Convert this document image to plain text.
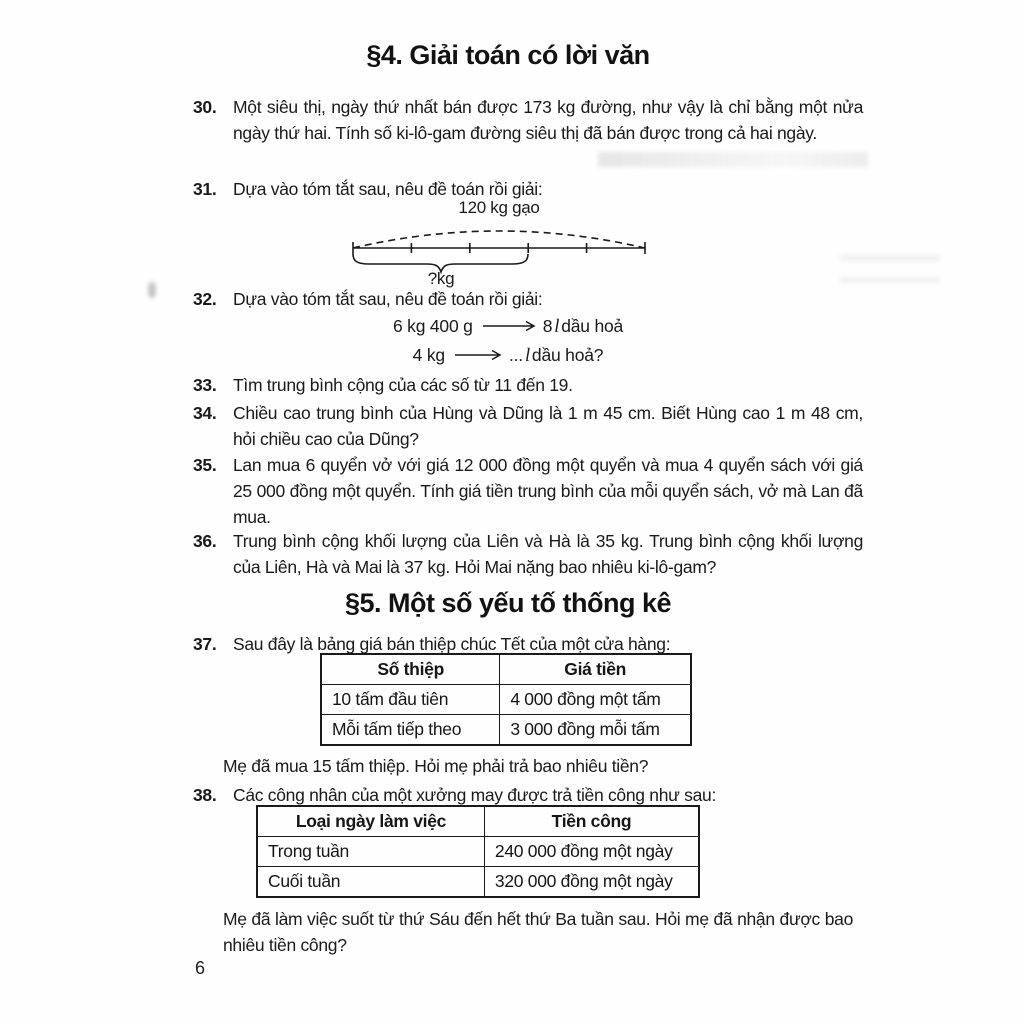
§4. Giải toán có lời văn
30. Một siêu thị, ngày thứ nhất bán được 173 kg đường, như vậy là chỉ bằng một nửa ngày thứ hai. Tính số ki-lô-gam đường siêu thị đã bán được trong cả hai ngày.
31. Dựa vào tóm tắt sau, nêu đề toán rồi giải:
120 kg gạo
?kg
32. Dựa vào tóm tắt sau, nêu đề toán rồi giải:
6 kg 400 g	8 l dầu hoả
4 kg	... l dầu hoả?
33. Tìm trung bình cộng của các số từ 11 đến 19.
34. Chiều cao trung bình của Hùng và Dũng là 1 m 45 cm. Biết Hùng cao 1 m 48 cm, hỏi chiều cao của Dũng?
35. Lan mua 6 quyển vở với giá 12 000 đồng một quyển và mua 4 quyển sách với giá 25 000 đồng một quyển. Tính giá tiền trung bình của mỗi quyển sách, vở mà Lan đã mua.
36. Trung bình cộng khối lượng của Liên và Hà là 35 kg. Trung bình cộng khối lượng của Liên, Hà và Mai là 37 kg. Hỏi Mai nặng bao nhiêu ki-lô-gam?
§5. Một số yếu tố thống kê
37. Sau đây là bảng giá bán thiệp chúc Tết của một cửa hàng:
Số thiệp	Giá tiền
10 tấm đầu tiên	4 000 đồng một tấm
Mỗi tấm tiếp theo	3 000 đồng mỗi tấm
Mẹ đã mua 15 tấm thiệp. Hỏi mẹ phải trả bao nhiêu tiền?
38. Các công nhân của một xưởng may được trả tiền công như sau:
Loại ngày làm việc	Tiền công
Trong tuần	240 000 đồng một ngày
Cuối tuần	320 000 đồng một ngày
Mẹ đã làm việc suốt từ thứ Sáu đến hết thứ Ba tuần sau. Hỏi mẹ đã nhận được bao nhiêu tiền công?
6
